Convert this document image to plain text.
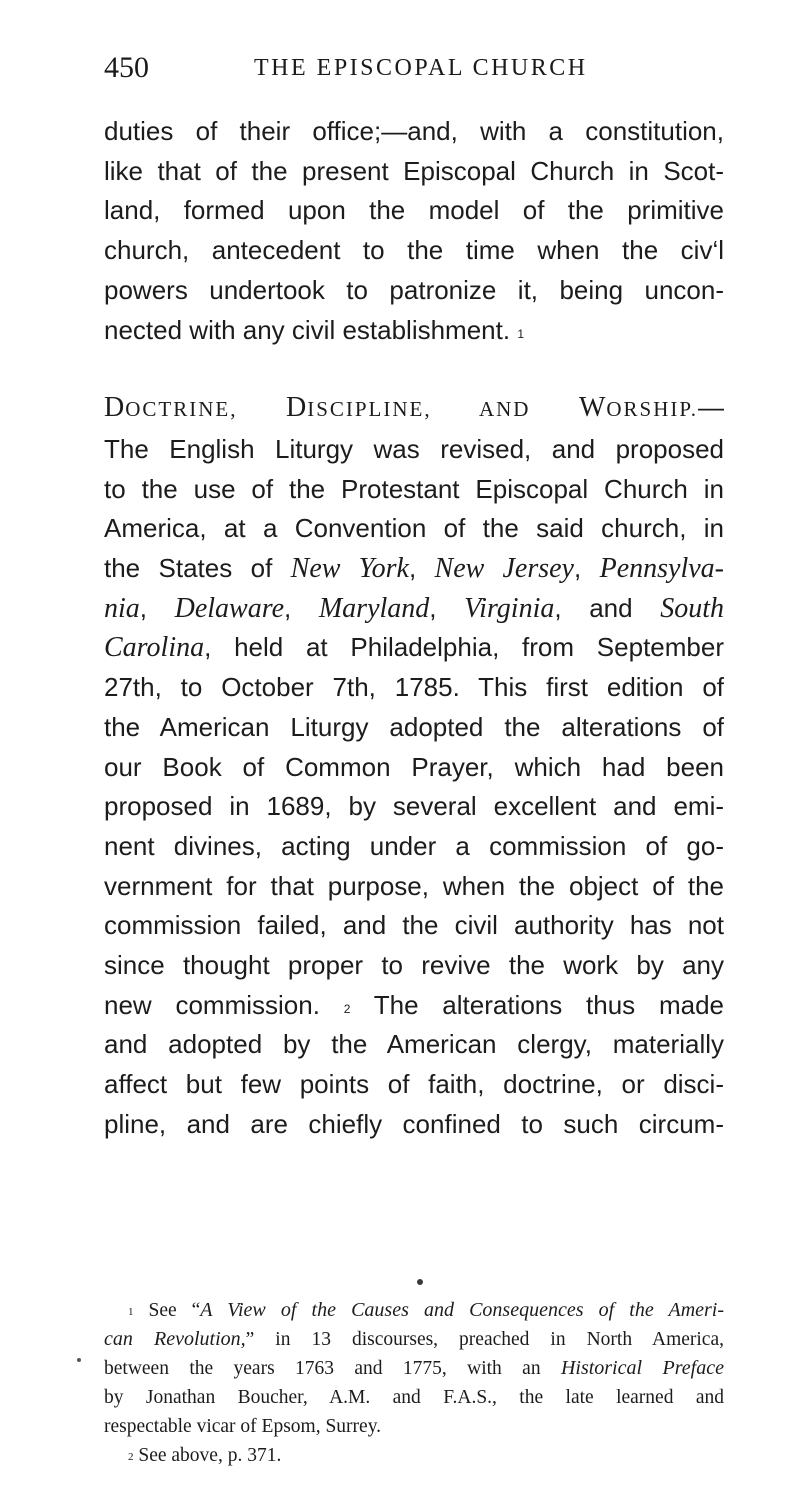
450	THE EPISCOPAL CHURCH

duties of their office;—and, with a constitution,
like that of the present Episcopal Church in Scot-
land, formed upon the model of the primitive
church, antecedent to the time when the civ‘l
powers undertook to patronize it, being uncon-
nected with any civil establishment. $^1$

DOCTRINE, DISCIPLINE, AND WORSHIP.—
The English Liturgy was revised, and proposed
to the use of the Protestant Episcopal Church in
America, at a Convention of the said church, in
the States of New York, New Jersey, Pennsylva-
nia, Delaware, Maryland, Virginia, and South
Carolina, held at Philadelphia, from September
27th, to October 7th, 1785. This first edition of
the American Liturgy adopted the alterations of
our Book of Common Prayer, which had been
proposed in 1689, by several excellent and emi-
nent divines, acting under a commission of go-
vernment for that purpose, when the object of the
commission failed, and the civil authority has not
since thought proper to revive the work by any
new commission. $^2$ The alterations thus made
and adopted by the American clergy, materially
affect but few points of faith, doctrine, or disci-
pline, and are chiefly confined to such circum-

$^1$ See “A View of the Causes and Consequences of the Ameri-
can Revolution,” in 13 discourses, preached in North America,
between the years 1763 and 1775, with an Historical Preface
by Jonathan Boucher, A.M. and F.A.S., the late learned and
respectable vicar of Epsom, Surrey.
$^2$ See above, p. 371.
